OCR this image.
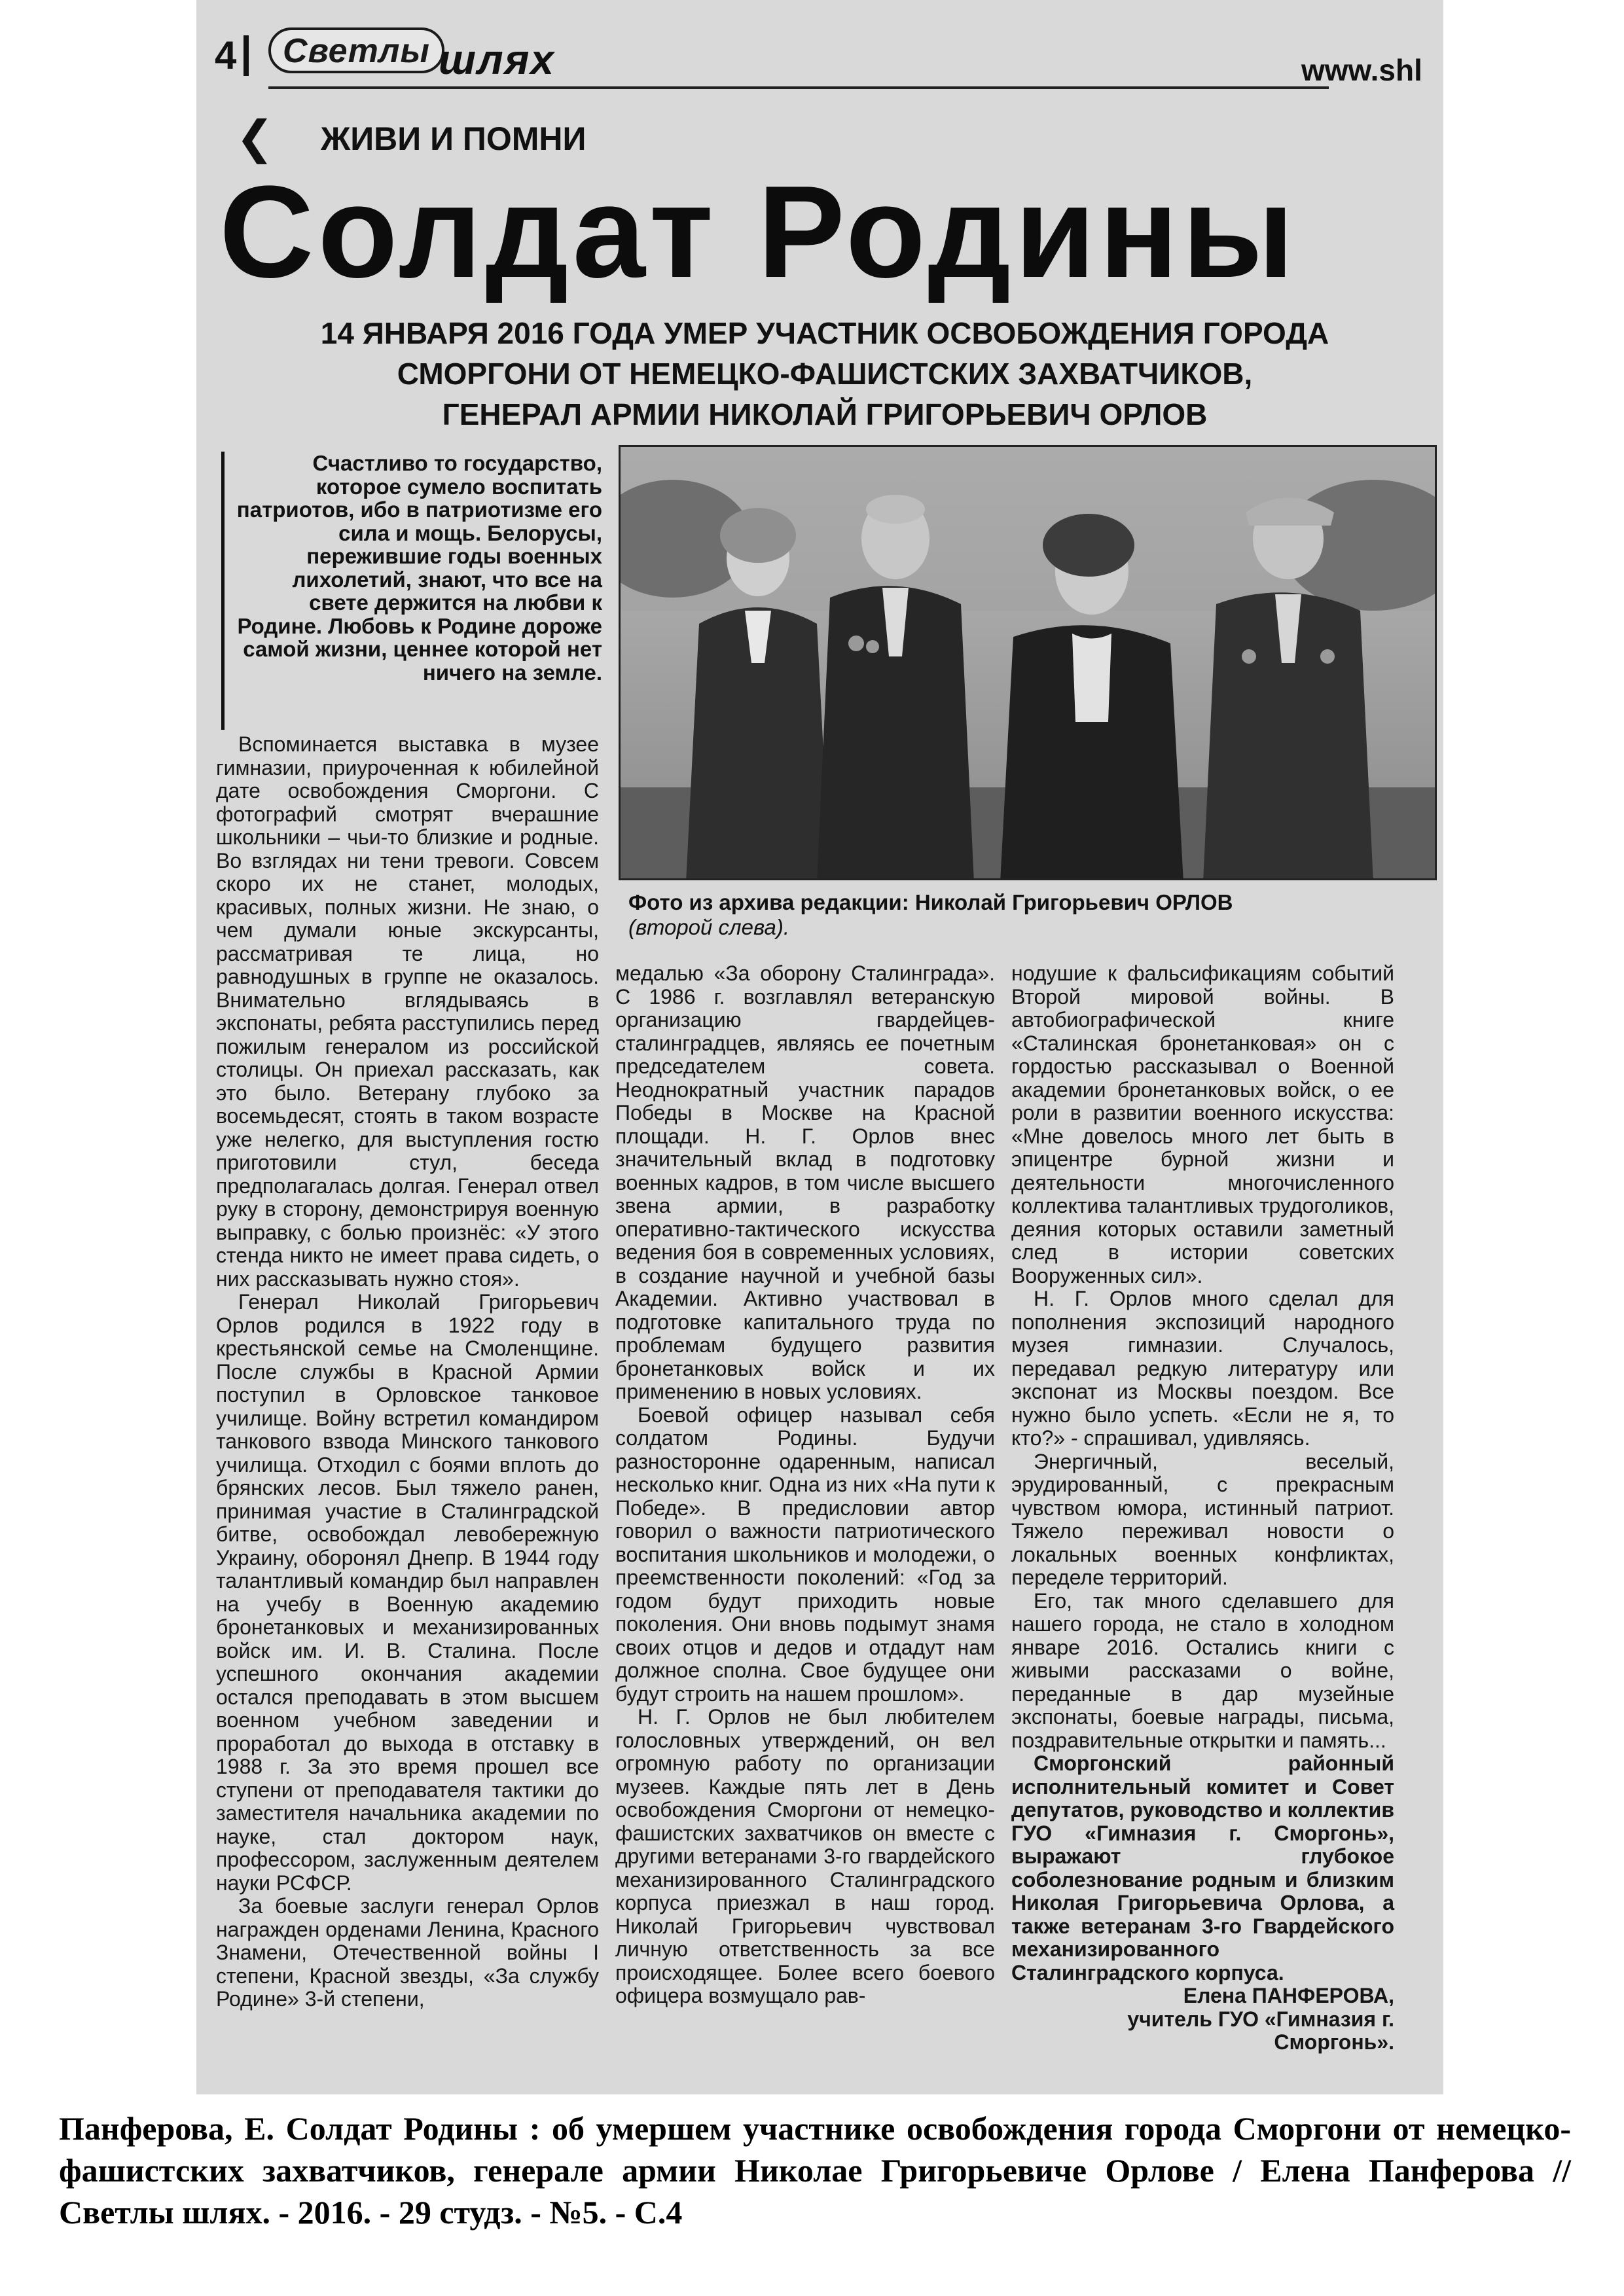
4	Светлы шлях	www.shl
❮ ЖИВИ И ПОМНИ
Солдат Родины
14 ЯНВАРЯ 2016 ГОДА УМЕР УЧАСТНИК ОСВОБОЖДЕНИЯ ГОРОДА
СМОРГОНИ ОТ НЕМЕЦКО-ФАШИСТСКИХ ЗАХВАТЧИКОВ,
ГЕНЕРАЛ АРМИИ НИКОЛАЙ ГРИГОРЬЕВИЧ ОРЛОВ
Счастливо то государство, которое сумело воспитать патриотов, ибо в патриотизме его сила и мощь. Белорусы, пережившие годы военных лихолетий, знают, что все на свете держится на любви к Родине. Любовь к Родине дороже самой жизни, ценнее которой нет ничего на земле.
Фото из архива редакции: Николай Григорьевич ОРЛОВ
(второй слева).

Вспоминается выставка в музее гимназии, приуроченная к юбилейной дате освобождения Сморгони. С фотографий смотрят вчерашние школьники – чьи-то близкие и родные. Во взглядах ни тени тревоги. Совсем скоро их не станет, молодых, красивых, полных жизни. Не знаю, о чем думали юные экскурсанты, рассматривая те лица, но равнодушных в группе не оказалось. Внимательно вглядываясь в экспонаты, ребята расступились перед пожилым генералом из российской столицы. Он приехал рассказать, как это было. Ветерану глубоко за восемьдесят, стоять в таком возрасте уже нелегко, для выступления гостю приготовили стул, беседа предполагалась долгая. Генерал отвел руку в сторону, демонстрируя военную выправку, с болью произнёс: «У этого стенда никто не имеет права сидеть, о них рассказывать нужно стоя».

Генерал Николай Григорьевич Орлов родился в 1922 году в крестьянской семье на Смоленщине. После службы в Красной Армии поступил в Орловское танковое училище. Войну встретил командиром танкового взвода Минского танкового училища. Отходил с боями вплоть до брянских лесов. Был тяжело ранен, принимая участие в Сталинградской битве, освобождал левобережную Украину, оборонял Днепр. В 1944 году талантливый командир был направлен на учебу в Военную академию бронетанковых и механизированных войск им. И. В. Сталина. После успешного окончания академии остался преподавать в этом высшем военном учебном заведении и проработал до выхода в отставку в 1988 г. За это время прошел все ступени от преподавателя тактики до заместителя начальника академии по науке, стал доктором наук, профессором, заслуженным деятелем науки РСФСР.

За боевые заслуги генерал Орлов награжден орденами Ленина, Красного Знамени, Отечественной войны I степени, Красной звезды, «За службу Родине» 3-й степени,

медалью «За оборону Сталинграда». С 1986 г. возглавлял ветеранскую организацию гвардейцев-сталинградцев, являясь ее почетным председателем совета. Неоднократный участник парадов Победы в Москве на Красной площади. Н. Г. Орлов внес значительный вклад в подготовку военных кадров, в том числе высшего звена армии, в разработку оперативно-тактического искусства ведения боя в современных условиях, в создание научной и учебной базы Академии. Активно участвовал в подготовке капитального труда по проблемам будущего развития бронетанковых войск и их применению в новых условиях.

Боевой офицер называл себя солдатом Родины. Будучи разносторонне одаренным, написал несколько книг. Одна из них «На пути к Победе». В предисловии автор говорил о важности патриотического воспитания школьников и молодежи, о преемственности поколений: «Год за годом будут приходить новые поколения. Они вновь подымут знамя своих отцов и дедов и отдадут нам должное сполна. Свое будущее они будут строить на нашем прошлом».

Н. Г. Орлов не был любителем голословных утверждений, он вел огромную работу по организации музеев. Каждые пять лет в День освобождения Сморгони от немецко-фашистских захватчиков он вместе с другими ветеранами 3-го гвардейского механизированного Сталинградского корпуса приезжал в наш город. Николай Григорьевич чувствовал личную ответственность за все происходящее. Более всего боевого офицера возмущало рав-

нодушие к фальсификациям событий Второй мировой войны. В автобиографической книге «Сталинская бронетанковая» он с гордостью рассказывал о Военной академии бронетанковых войск, о ее роли в развитии военного искусства: «Мне довелось много лет быть в эпицентре бурной жизни и деятельности многочисленного коллектива талантливых трудоголиков, деяния которых оставили заметный след в истории советских Вооруженных сил».

Н. Г. Орлов много сделал для пополнения экспозиций народного музея гимназии. Случалось, передавал редкую литературу или экспонат из Москвы поездом. Все нужно было успеть. «Если не я, то кто?» - спрашивал, удивляясь.

Энергичный, веселый, эрудированный, с прекрасным чувством юмора, истинный патриот. Тяжело переживал новости о локальных военных конфликтах, переделе территорий.

Его, так много сделавшего для нашего города, не стало в холодном январе 2016. Остались книги с живыми рассказами о войне, переданные в дар музейные экспонаты, боевые награды, письма, поздравительные открытки и память...

Сморгонский районный исполнительный комитет и Совет депутатов, руководство и коллектив ГУО «Гимназия г. Сморгонь», выражают глубокое соболезнование родным и близким Николая Григорьевича Орлова, а также ветеранам 3-го Гвардейского механизированного Сталинградского корпуса.

Елена ПАНФЕРОВА,

учитель ГУО «Гимназия г. Сморгонь».

Панферова, Е. Солдат Родины : об умершем участнике освобождения города Сморгони от немецко-фашистских захватчиков, генерале армии Николае Григорьевиче Орлове / Елена Панферова // Светлы шлях. - 2016. - 29 студз. - №5. - С.4
